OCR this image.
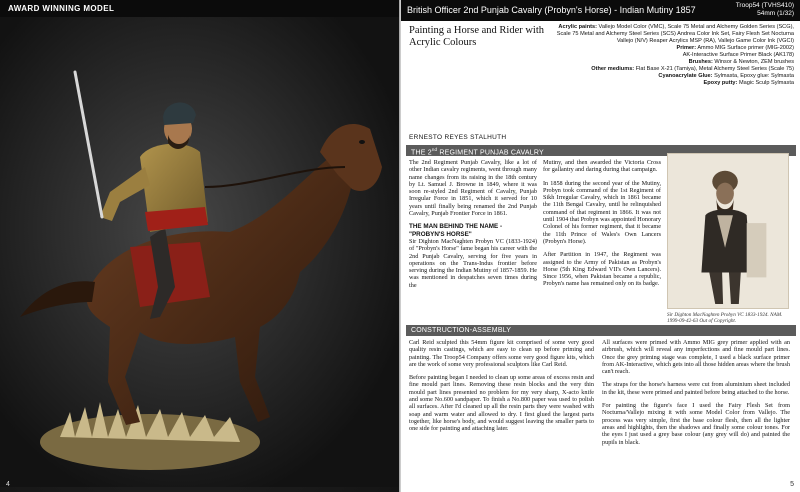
AWARD WINNING MODEL
4
British Officer 2nd Punjab Cavalry (Probyn's Horse) - Indian Mutiny 1857	Troop54 (TVHS410)
54mm (1/32)
Painting a Horse and Rider with Acrylic Colours
Acrylic paints: Vallejo Model Color (VMC), Scale 75 Metal and Alchemy Golden Series (SCG), Scale 75 Metal and Alchemy Steel Series (SCS) Andrea Color Ink Set, Fairy Flesh Set Nocturna Vallejo (N/V) Reaper Acrylics MSP (RA), Vallejo Game Color Ink (VGCI)
Primer: Ammo MIG Surface primer (MIG-2002)
AK-Interactive Surface Primer Black (AK178)
Brushes: Winsor & Newton, ZEM brushes
Other mediums: Flat Base X-21 (Tamiya), Metal Alchemy Steel Series (Scale 75)
Cyanoacrylate Glue: Sylmasta, Epoxy glue: Sylmasta
Epoxy putty: Magic Sculp Sylmasta
ERNESTO REYES STALHUTH
THE 2nd REGIMENT PUNJAB CAVALRY

The 2nd Regiment Punjab Cavalry, like a lot of other Indian cavalry regiments, went through many name changes from its raising in the 18th century by Lt. Samuel J. Browne in 1849, where it was soon re-styled 2nd Regiment of Cavalry, Punjab Irregular Force in 1851, which it served for 10 years until finally being renamed the 2nd Punjab Cavalry, Punjab Frontier Force in 1861.

THE MAN BEHIND THE NAME -

"PROBYN'S HORSE"

Sir Dighton MacNaghten Probyn VC (1833-1924) of "Probyn's Horse" fame began his career with the 2nd Punjab Cavalry, serving for five years in operations on the Trans-Indus frontier before serving during the Indian Mutiny of 1857-1859. He was mentioned in despatches seven times during the

Mutiny, and then awarded the Victoria Cross for gallantry and daring during that campaign.

In 1858 during the second year of the Mutiny, Probyn took command of the 1st Regiment of Sikh Irregular Cavalry, which in 1861 became the 11th Bengal Cavalry, until he relinquished command of that regiment in 1866. It was not until 1904 that Probyn was appointed Honorary Colonel of his former regiment, that it became the 11th Prince of Wales's Own Lancers (Probyn's Horse).

After Partition in 1947, the Regiment was assigned to the Army of Pakistan as Probyn's Horse (5th King Edward VII's Own Lancers). Since 1956, when Pakistan became a republic, Probyn's name has remained only on its badge.

Sir Dighton MacNaghten Probyn VC 1833-1924. NAM. 1999-09-42-63 Out of Copyright.
CONSTRUCTION-ASSEMBLY

Carl Reid sculpted this 54mm figure kit comprised of some very good quality resin castings, which are easy to clean up before priming and painting. The Troop54 Company offers some very good figure kits, which are the work of some very professional sculptors like Carl Reid.

Before painting began I needed to clean up some areas of excess resin and fine mould part lines. Removing these resin blocks and the very thin mould part lines presented no problem for my very sharp, X-acto knife and some No.600 sandpaper. To finish a No.800 paper was used to polish all surfaces. After I'd cleaned up all the resin parts they were washed with soap and warm water and allowed to dry. I first glued the largest parts together, like horse's body, and would suggest leaving the smaller parts to one side for painting and attaching later.

All surfaces were primed with Ammo MIG grey primer applied with an airbrush, which will reveal any imperfections and fine mould part lines. Once the grey priming stage was complete, I used a black surface primer from AK-Interactive, which gets into all those hidden areas where the brush can't reach.

The straps for the horse's harness were cut from aluminium sheet included in the kit, these were primed and painted before being attached to the horse.

For painting the figure's face I used the Fairy Flesh Set from Nocturna/Vallejo mixing it with some Model Color from Vallejo. The process was very simple, first the base colour flesh, then all the lighter areas and highlights, then the shadows and finally some colour tones. For the eyes I just used a grey base colour (any grey will do) and painted the pupils in black.

5
